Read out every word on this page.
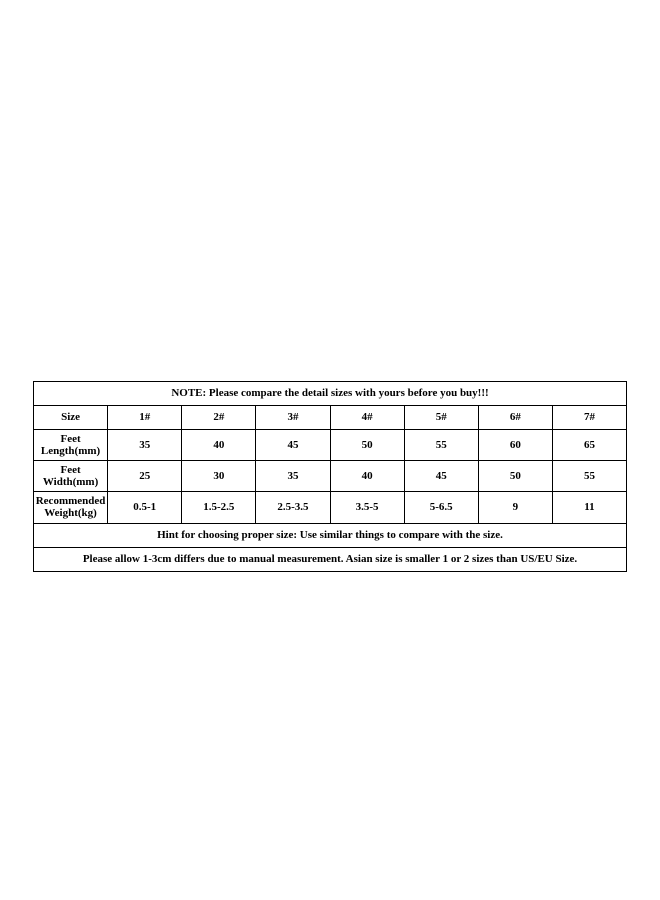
NOTE: Please compare the detail sizes with yours before you buy!!!							
Size	1#	2#	3#	4#	5#	6#	7#
Feet Length(mm)	35	40	45	50	55	60	65
Feet Width(mm)	25	30	35	40	45	50	55
Recommended Weight(kg)	0.5-1	1.5-2.5	2.5-3.5	3.5-5	5-6.5	9	11
Hint for choosing proper size: Use similar things to compare with the size.							
Please allow 1-3cm differs due to manual measurement. Asian size is smaller 1 or 2 sizes than US/EU Size.							
